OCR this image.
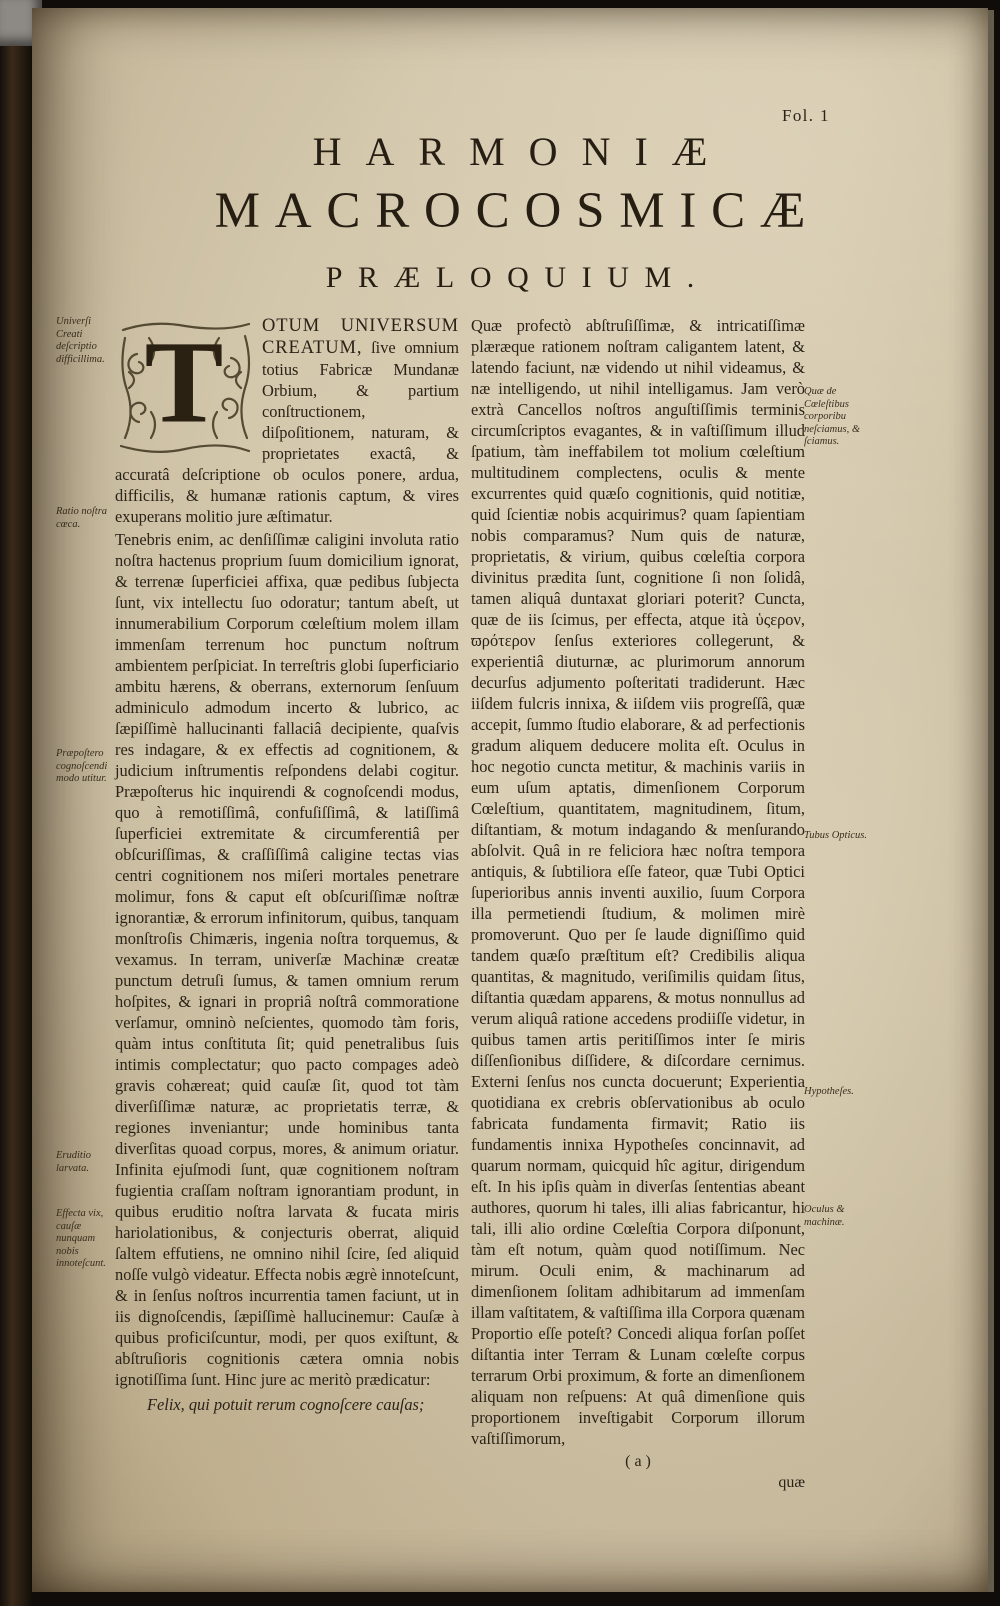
Fol. 1
HARMONIÆ
MACROCOSMICÆ
PRÆLOQUIUM.
Univerſi Creati deſcriptio difficillima.
Ratio noſtra cœca.
Præpoſtero cognoſcendi modo utitur.
Eruditio larvata.
Effecta vix, cauſæ nunquam nobis innoteſcunt.
Quæ de Cœleſtibus corporibu neſciamus, & ſciamus.
Tubus Opticus.
Hypotheſes.
Oculus & machinæ.
T	OTUM UNIVERSUM CREATUM, ſive omnium totius Fabricæ Mundanæ Orbium, & partium conſtructionem, diſpoſitionem, naturam, & proprietates exactâ, & accuratâ deſcriptione ob oculos ponere, ardua, difficilis, & humanæ rationis captum, & vires exuperans molitio jure æſtimatur.

Tenebris enim, ac denſiſſimæ caligini involuta ratio noſtra hactenus proprium ſuum domicilium ignorat, & terrenæ ſuperficiei affixa, quæ pedibus ſubjecta ſunt, vix intellectu ſuo odoratur; tantum abeſt, ut innumerabilium Corporum cœleſtium molem illam immenſam terrenum hoc punctum noſtrum ambientem perſpiciat. In terreſtris globi ſuperficiario ambitu hærens, & oberrans, externorum ſenſuum adminiculo admodum incerto & lubrico, ac ſæpiſſimè hallucinanti fallaciâ decipiente, quaſvis res indagare, & ex effectis ad cognitionem, & judicium inſtrumentis reſpondens delabi cogitur. Præpoſterus hic inquirendi & cognoſcendi modus, quo à remotiſſimâ, confuſiſſimâ, & latiſſimâ ſuperficiei extremitate & circumferentiâ per obſcuriſſimas, & craſſiſſimâ caligine tectas vias centri cognitionem nos miſeri mortales penetrare molimur, fons & caput eſt obſcuriſſimæ noſtræ ignorantiæ, & errorum infinitorum, quibus, tanquam monſtroſis Chimæris, ingenia noſtra torquemus, & vexamus. In terram, univerſæ Machinæ creatæ punctum detruſi ſumus, & tamen omnium rerum hoſpites, & ignari in propriâ noſtrâ commoratione verſamur, omninò neſcientes, quomodo tàm foris, quàm intus conſtituta ſit; quid penetralibus ſuis intimis complectatur; quo pacto compages adeò gravis cohæreat; quid cauſæ ſit, quod tot tàm diverſiſſimæ naturæ, ac proprietatis terræ, & regiones inveniantur; unde hominibus tanta diverſitas quoad corpus, mores, & animum oriatur. Infinita ejuſmodi ſunt, quæ cognitionem noſtram fugientia craſſam noſtram ignorantiam produnt, in quibus eruditio noſtra larvata & fucata miris hariolationibus, & conjecturis oberrat, aliquid ſaltem effutiens, ne omnino nihil ſcire, ſed aliquid noſſe vulgò videatur. Effecta nobis ægrè innoteſcunt, & in ſenſus noſtros incurrentia tamen faciunt, ut in iis dignoſcendis, ſæpiſſimè hallucinemur: Cauſæ à quibus proficiſcuntur, modi, per quos exiſtunt, & abſtruſioris cognitionis cætera omnia nobis ignotiſſima ſunt. Hinc jure ac meritò prædicatur:

Felix, qui potuit rerum cognoſcere cauſas;

Quæ profectò abſtruſiſſimæ, & intricatiſſimæ plæræque rationem noſtram caligantem latent, & latendo faciunt, næ videndo ut nihil videamus, & næ intelligendo, ut nihil intelligamus. Jam verò extrà Cancellos noſtros anguſtiſſimis terminis circumſcriptos evagantes, & in vaſtiſſimum illud ſpatium, tàm ineffabilem tot molium cœleſtium multitudinem complectens, oculis & mente excurrentes quid quæſo cognitionis, quid notitiæ, quid ſcientiæ nobis acquirimus? quam ſapientiam nobis comparamus? Num quis de naturæ, proprietatis, & virium, quibus cœleſtia corpora divinitus prædita ſunt, cognitione ſi non ſolidâ, tamen aliquâ duntaxat gloriari poterit? Cuncta, quæ de iis ſcimus, per effecta, atque ità ὑςερον, ϖρότερον ſenſus exteriores collegerunt, & experientiâ diuturnæ, ac plurimorum annorum decurſus adjumento poſteritati tradiderunt. Hæc iiſdem fulcris innixa, & iiſdem viis progreſſâ, quæ accepit, ſummo ſtudio elaborare, & ad perfectionis gradum aliquem deducere molita eſt. Oculus in hoc negotio cuncta metitur, & machinis variis in eum uſum aptatis, dimenſionem Corporum Cœleſtium, quantitatem, magnitudinem, ſitum, diſtantiam, & motum indagando & menſurando abſolvit. Quâ in re feliciora hæc noſtra tempora antiquis, & ſubtiliora eſſe fateor, quæ Tubi Optici ſuperioribus annis inventi auxilio, ſuum Corpora illa permetiendi ſtudium, & molimen mirè promoverunt. Quo per ſe laude digniſſimo quid tandem quæſo præſtitum eſt? Credibilis aliqua quantitas, & magnitudo, veriſimilis quidam ſitus, diſtantia quædam apparens, & motus nonnullus ad verum aliquâ ratione accedens prodiiſſe videtur, in quibus tamen artis peritiſſimos inter ſe miris diſſenſionibus diſſidere, & diſcordare cernimus. Externi ſenſus nos cuncta docuerunt; Experientia quotidiana ex crebris obſervationibus ab oculo fabricata fundamenta firmavit; Ratio iis fundamentis innixa Hypotheſes concinnavit, ad quarum normam, quicquid hîc agitur, dirigendum eſt. In his ipſis quàm in diverſas ſententias abeant authores, quorum hi tales, illi alias fabricantur, hi tali, illi alio ordine Cœleſtia Corpora diſponunt, tàm eſt notum, quàm quod notiſſimum. Nec mirum. Oculi enim, & machinarum ad dimenſionem ſolitam adhibitarum ad immenſam illam vaſtitatem, & vaſtiſſima illa Corpora quænam Proportio eſſe poteſt? Concedi aliqua forſan poſſet diſtantia inter Terram & Lunam cœleſte corpus terrarum Orbi proximum, & forte an dimenſionem aliquam non reſpuens: At quâ dimenſione quis proportionem inveſtigabit Corporum illorum vaſtiſſimorum,

( a )
quæ
